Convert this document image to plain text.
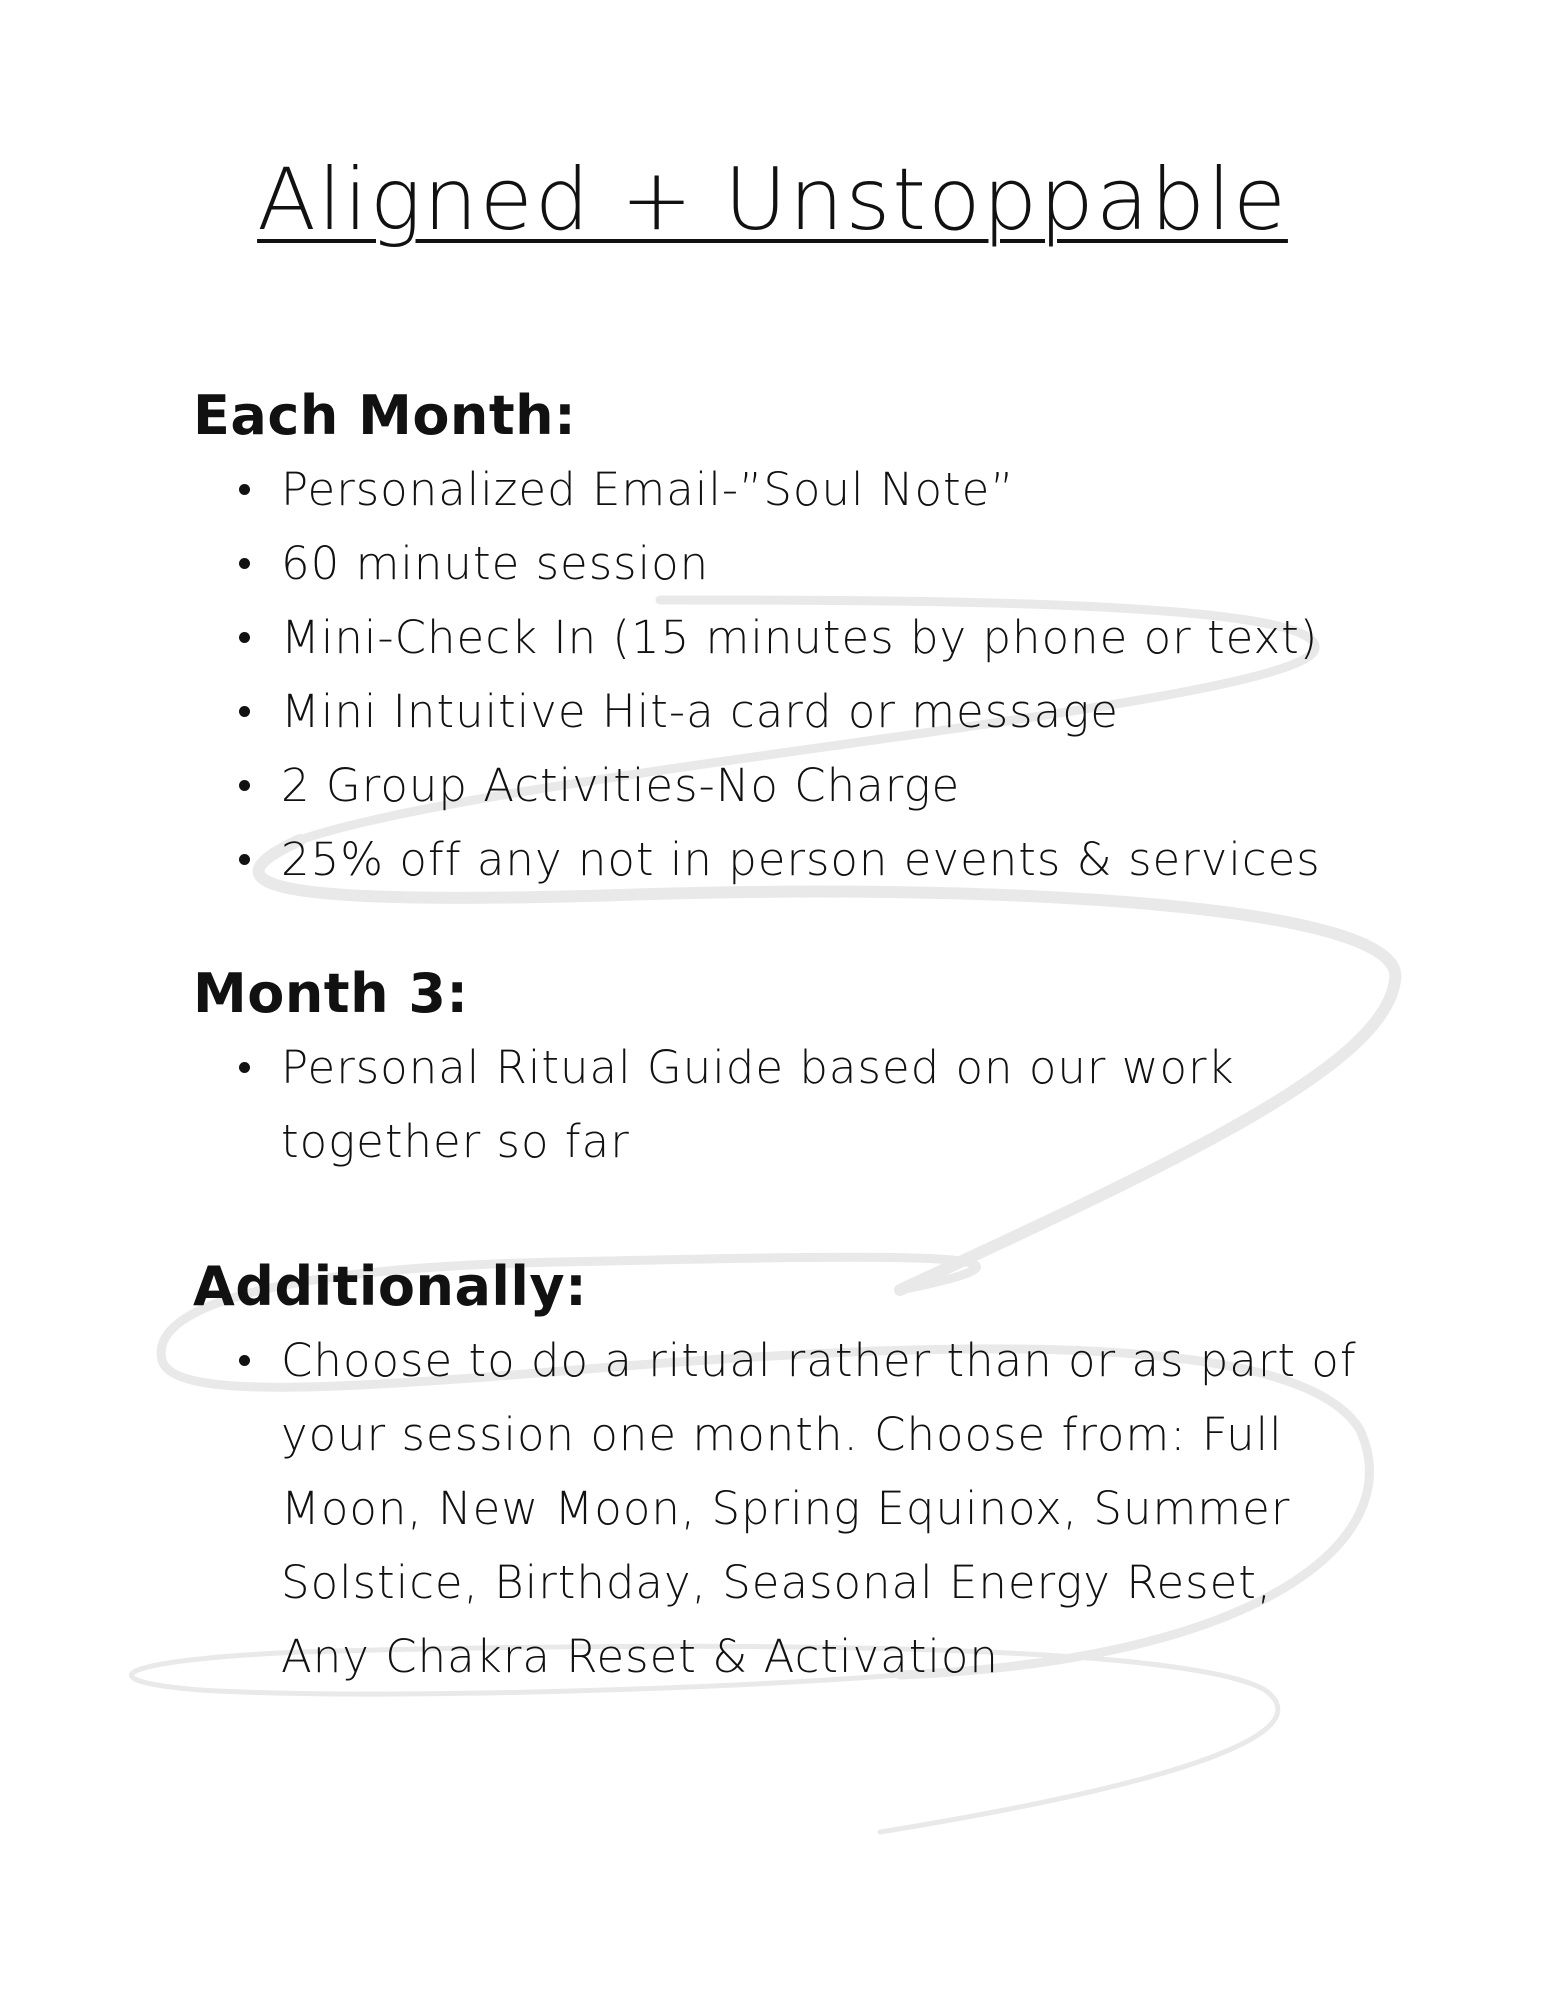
Aligned + Unstoppable
Each Month:
Personalized Email-”Soul Note”
60 minute session
Mini-Check In (15 minutes by phone or text)
Mini Intuitive Hit-a card or message
2 Group Activities-No Charge
25% off any not in person events & services
Month 3:
Personal Ritual Guide based on our work together so far
Additionally:
Choose to do a ritual rather than or as part of your session one month. Choose from: Full Moon, New Moon, Spring Equinox, Summer Solstice, Birthday, Seasonal Energy Reset, Any Chakra Reset & Activation
